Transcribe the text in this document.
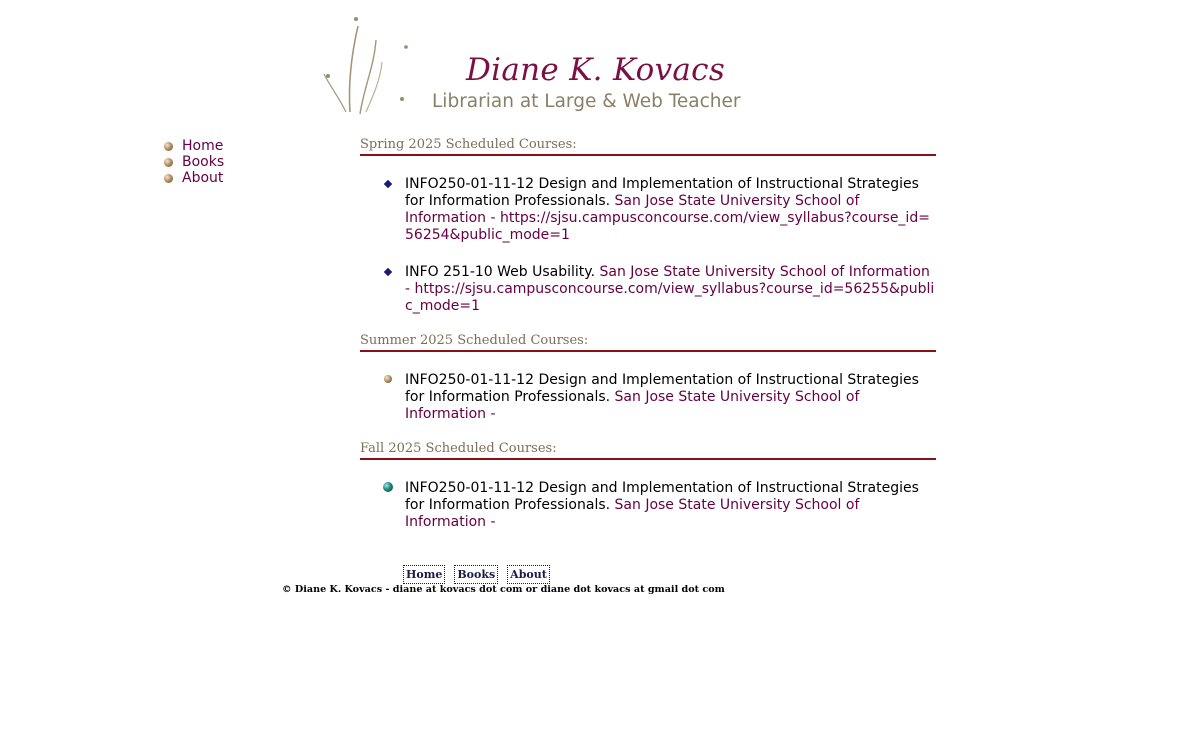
Diane K. Kovacs
Librarian at Large & Web Teacher
Home
Books
About
Spring 2025 Scheduled Courses:
INFO250-01-11-12 Design and Implementation of Instructional Strategies for Information Professionals. San Jose State University School of Information - https://sjsu.campusconcourse.com/view_syllabus?course_id=56254&public_mode=1
INFO 251-10 Web Usability. San Jose State University School of Information - https://sjsu.campusconcourse.com/view_syllabus?course_id=56255&public_mode=1
Summer 2025 Scheduled Courses:
INFO250-01-11-12 Design and Implementation of Instructional Strategies for Information Professionals. San Jose State University School of Information -
Fall 2025 Scheduled Courses:
INFO250-01-11-12 Design and Implementation of Instructional Strategies for Information Professionals. San Jose State University School of Information -
Home Books About
© Diane K. Kovacs - diane at kovacs dot com or diane dot kovacs at gmail dot com
